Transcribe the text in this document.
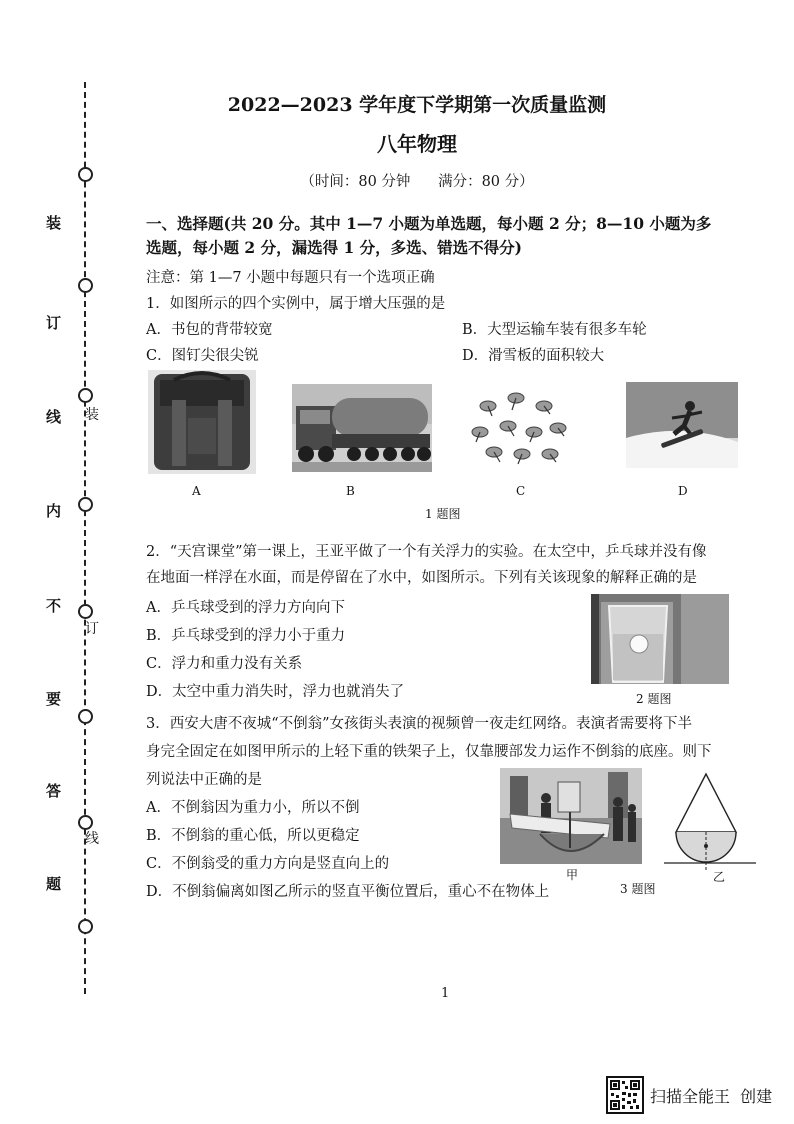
装
订
线
内
不
要
答
题
装
订
线
2022—2023 学年度下学期第一次质量监测
八年物理
（时间：80 分钟      满分：80 分）
一、选择题(共 20 分。其中 1—7 小题为单选题，每小题 2 分；8—10 小题为多
选题，每小题 2 分，漏选得 1 分，多选、错选不得分)
注意：第 1—7 小题中每题只有一个选项正确
1．如图所示的四个实例中，属于增大压强的是
A．书包的背带较宽	B．大型运输车装有很多车轮
C．图钉尖很尖锐	D．滑雪板的面积较大
A	B	C	D
1 题图
2．“天宫课堂”第一课上，王亚平做了一个有关浮力的实验。在太空中，乒乓球并没有像
在地面一样浮在水面，而是停留在了水中，如图所示。下列有关该现象的解释正确的是
A．乒乓球受到的浮力方向向下
B．乒乓球受到的浮力小于重力
C．浮力和重力没有关系
D．太空中重力消失时，浮力也就消失了	2 题图
3．西安大唐不夜城“不倒翁”女孩街头表演的视频曾一夜走红网络。表演者需要将下半
身完全固定在如图甲所示的上轻下重的铁架子上，仅靠腰部发力运作不倒翁的底座。则下
列说法中正确的是
A．不倒翁因为重力小，所以不倒
B．不倒翁的重心低，所以更稳定
C．不倒翁受的重力方向是竖直向上的
D．不倒翁偏离如图乙所示的竖直平衡位置后，重心不在物体上
甲	乙
3 题图
1
扫描全能王  创建
